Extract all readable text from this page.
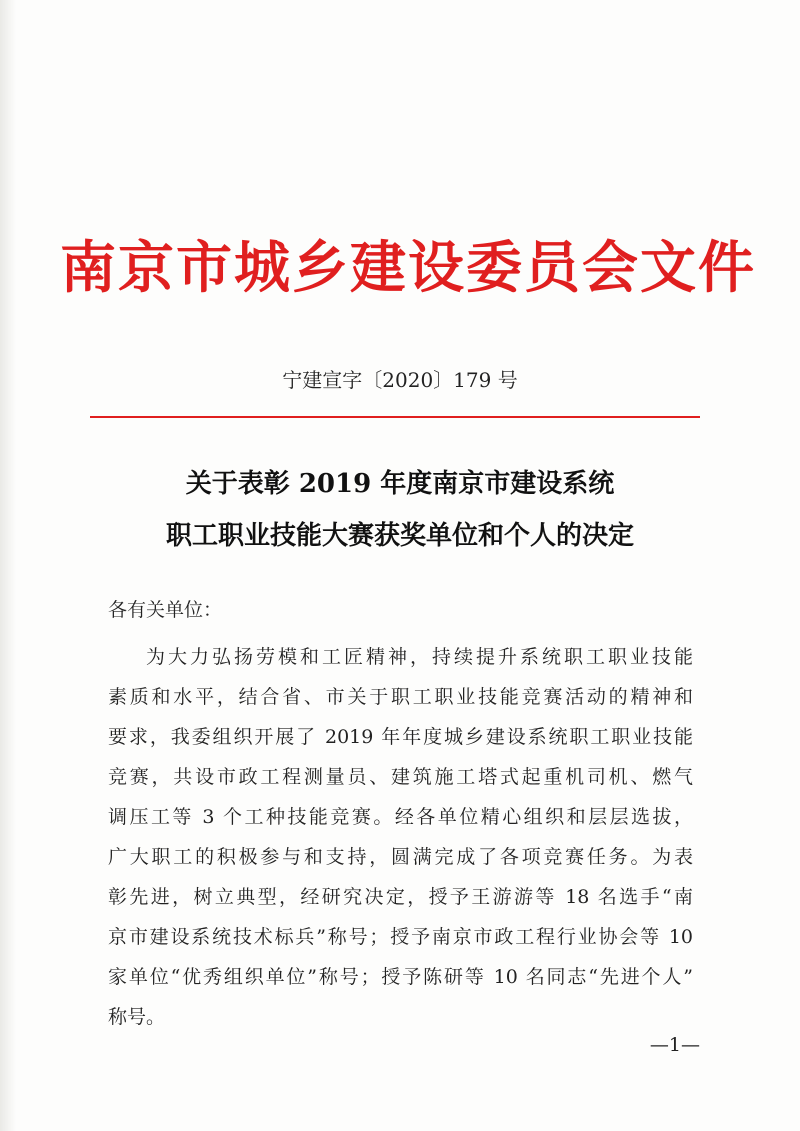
南京市城乡建设委员会文件
宁建宣字〔2020〕179 号
关于表彰 2019 年度南京市建设系统
职工职业技能大赛获奖单位和个人的决定
各有关单位：
为大力弘扬劳模和工匠精神，持续提升系统职工职业技能
素质和水平，结合省、市关于职工职业技能竞赛活动的精神和
要求，我委组织开展了 2019 年年度城乡建设系统职工职业技能
竞赛，共设市政工程测量员、建筑施工塔式起重机司机、燃气
调压工等 3 个工种技能竞赛。经各单位精心组织和层层选拔，
广大职工的积极参与和支持，圆满完成了各项竞赛任务。为表
彰先进，树立典型，经研究决定，授予王游游等 18 名选手“南
京市建设系统技术标兵”称号；授予南京市政工程行业协会等 10
家单位“优秀组织单位”称号；授予陈研等 10 名同志“先进个人”
称号。
—1—
